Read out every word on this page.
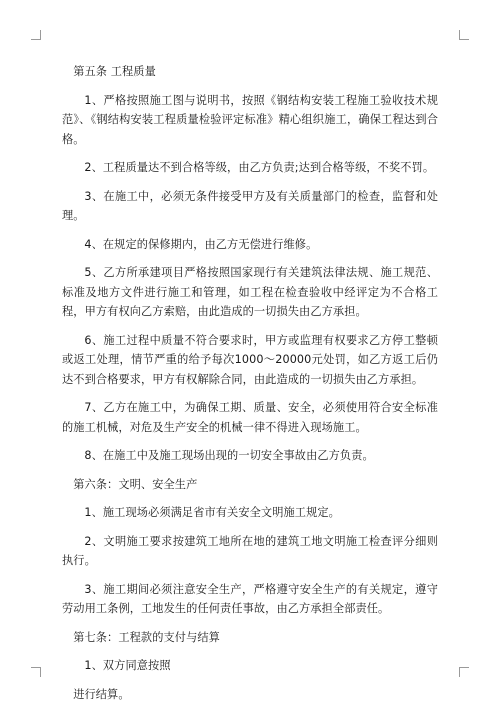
第五条 工程质量

1、严格按照施工图与说明书，按照《钢结构安装工程施工验收技术规范》、《钢结构安装工程质量检验评定标准》精心组织施工，确保工程达到合格。

2、工程质量达不到合格等级，由乙方负责;达到合格等级，不奖不罚。

3、在施工中，必须无条件接受甲方及有关质量部门的检查，监督和处理。

4、在规定的保修期内，由乙方无偿进行维修。

5、乙方所承建项目严格按照国家现行有关建筑法律法规、施工规范、标准及地方文件进行施工和管理，如工程在检查验收中经评定为不合格工程，甲方有权向乙方索赔，由此造成的一切损失由乙方承担。

6、施工过程中质量不符合要求时，甲方或监理有权要求乙方停工整顿或返工处理，情节严重的给予每次1000～20000元处罚，如乙方返工后仍达不到合格要求，甲方有权解除合同，由此造成的一切损失由乙方承担。

7、乙方在施工中，为确保工期、质量、安全，必须使用符合安全标准的施工机械，对危及生产安全的机械一律不得进入现场施工。

8、在施工中及施工现场出现的一切安全事故由乙方负责。

第六条：文明、安全生产

1、施工现场必须满足省市有关安全文明施工规定。

2、文明施工要求按建筑工地所在地的建筑工地文明施工检查评分细则执行。

3、施工期间必须注意安全生产，严格遵守安全生产的有关规定，遵守劳动用工条例，工地发生的任何责任事故，由乙方承担全部责任。

第七条：工程款的支付与结算

1、双方同意按照

进行结算。
